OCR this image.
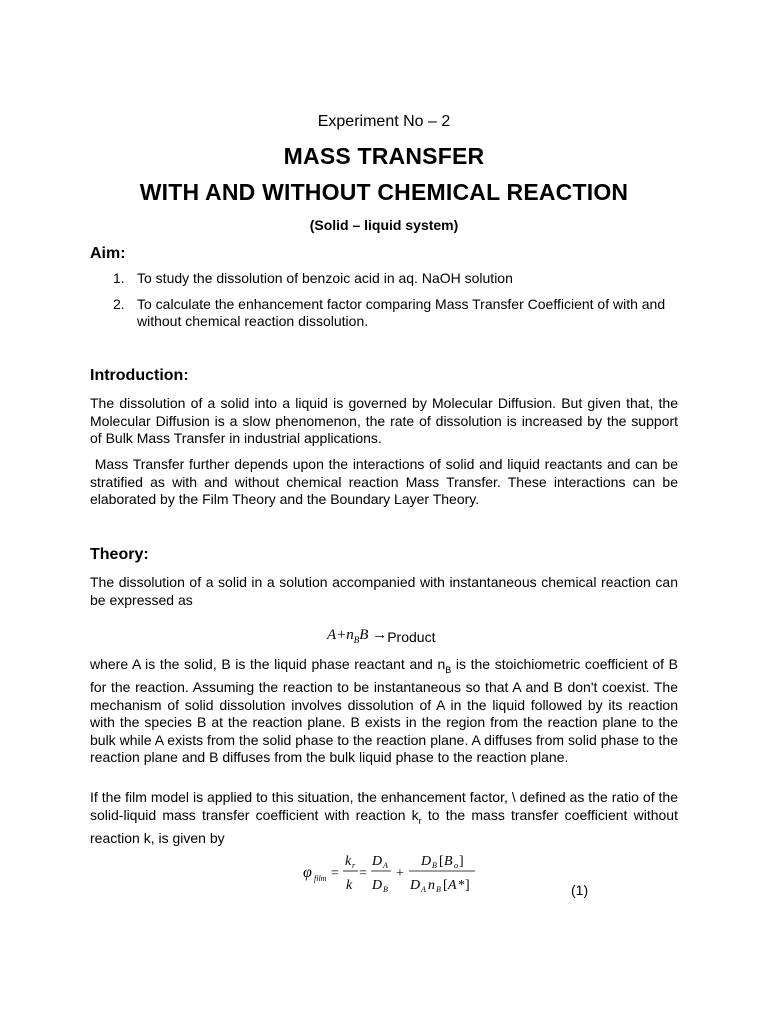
Experiment No – 2
MASS TRANSFER
WITH AND WITHOUT CHEMICAL REACTION
(Solid – liquid system)
Aim:
1. To study the dissolution of benzoic acid in aq. NaOH solution
2. To calculate the enhancement factor comparing Mass Transfer Coefficient of with and without chemical reaction dissolution.
Introduction:
The dissolution of a solid into a liquid is governed by Molecular Diffusion. But given that, the Molecular Diffusion is a slow phenomenon, the rate of dissolution is increased by the support of Bulk Mass Transfer in industrial applications.
Mass Transfer further depends upon the interactions of solid and liquid reactants and can be stratified as with and without chemical reaction Mass Transfer. These interactions can be elaborated by the Film Theory and the Boundary Layer Theory.
Theory:
The dissolution of a solid in a solution accompanied with instantaneous chemical reaction can be expressed as
$A+n_BB$ →Product
where A is the solid, B is the liquid phase reactant and $n_B$ is the stoichiometric coefficient of B for the reaction. Assuming the reaction to be instantaneous so that A and B don't coexist. The mechanism of solid dissolution involves dissolution of A in the liquid followed by its reaction with the species B at the reaction plane. B exists in the region from the reaction plane to the bulk while A exists from the solid phase to the reaction plane. A diffuses from solid phase to the reaction plane and B diffuses from the bulk liquid phase to the reaction plane.
If the film model is applied to this situation, the enhancement factor, \ defined as the ratio of the solid-liquid mass transfer coefficient with reaction $k_r$ to the mass transfer coefficient without reaction k, is given by
φ film =
k r
k
=
D A
D B
+
D B [ B o ]
D A n B [ A *]	(1)
